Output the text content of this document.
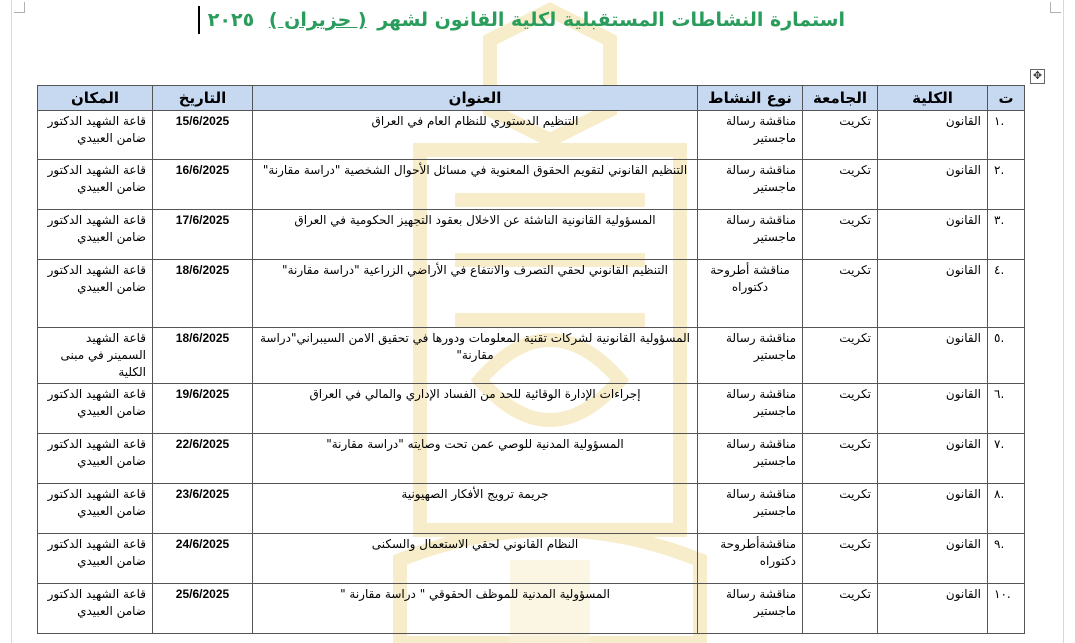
استمارة النشاطات المستقبلية لكلية القانون لشهر ( حزيران ) ٢٠٢٥
✥
ت	الكلية	الجامعة	نوع النشاط	العنوان	التاريخ	المكان
.١	القانون	تكريت	مناقشة رسالة ماجستير	التنظيم الدستوري للنظام العام في العراق	15/6/2025	قاعة الشهيد الدكتور ضامن العبيدي
.٢	القانون	تكريت	مناقشة رسالة ماجستير	التنظيم القانوني لتقويم الحقوق المعنوية في مسائل الأحوال الشخصية "دراسة مقارنة"	16/6/2025	قاعة الشهيد الدكتور ضامن العبيدي
.٣	القانون	تكريت	مناقشة رسالة ماجستير	المسؤولية القانونية الناشئة عن الاخلال بعقود التجهيز الحكومية في العراق	17/6/2025	قاعة الشهيد الدكتور ضامن العبيدي
.٤	القانون	تكريت	مناقشة أطروحة دكتوراه	التنظيم القانوني لحقي التصرف والانتفاع في الأراضي الزراعية "دراسة مقارنة"	18/6/2025	قاعة الشهيد الدكتور ضامن العبيدي
.٥	القانون	تكريت	مناقشة رسالة ماجستير	المسؤولية القانونية لشركات تقنية المعلومات ودورها في تحقيق الامن السيبراني"دراسة مقارنة"	18/6/2025	قاعة الشهيد السمينر في مبنى الكلية
.٦	القانون	تكريت	مناقشة رسالة ماجستير	إجراءات الإدارة الوقائية للحد من الفساد الإداري والمالي في العراق	19/6/2025	قاعة الشهيد الدكتور ضامن العبيدي
.٧	القانون	تكريت	مناقشة رسالة ماجستير	المسؤولية المدنية للوصي عمن تحت وصايته "دراسة مقارنة"	22/6/2025	قاعة الشهيد الدكتور ضامن العبيدي
.٨	القانون	تكريت	مناقشة رسالة ماجستير	جريمة ترويج الأفكار الصهيونية	23/6/2025	قاعة الشهيد الدكتور ضامن العبيدي
.٩	القانون	تكريت	مناقشةأطروحة دكتوراه	النظام القانوني لحقي الاستعمال والسكنى	24/6/2025	قاعة الشهيد الدكتور ضامن العبيدي
.١٠	القانون	تكريت	مناقشة رسالة ماجستير	المسؤولية المدنية للموظف الحقوقي " دراسة مقارنة "	25/6/2025	قاعة الشهيد الدكتور ضامن العبيدي
